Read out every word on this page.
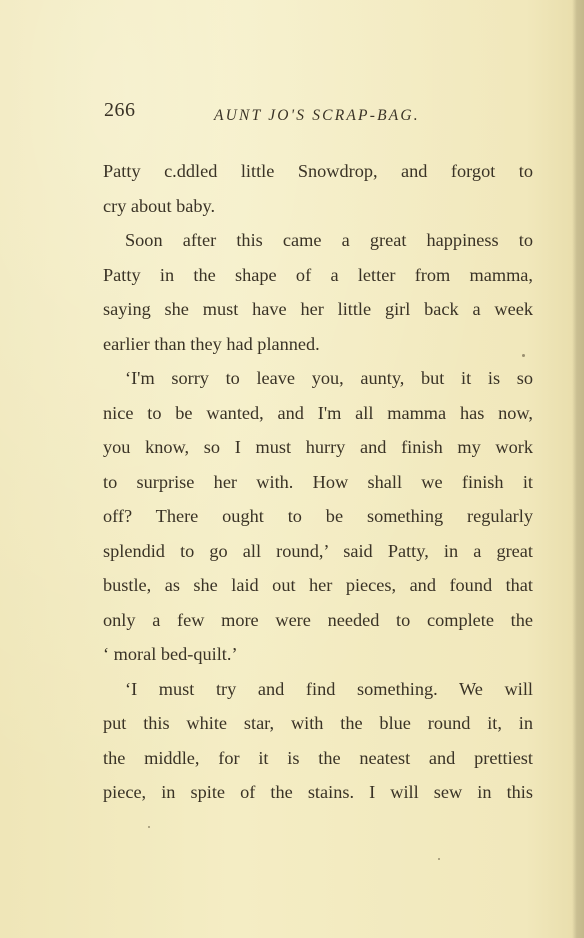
266	AUNT JO'S SCRAP-BAG.

Patty c.ddled little Snowdrop, and forgot to
cry about baby.

Soon after this came a great happiness to
Patty in the shape of a letter from mamma,
saying she must have her little girl back a week
earlier than they had planned.

‘I'm sorry to leave you, aunty, but it is so
nice to be wanted, and I'm all mamma has now,
you know, so I must hurry and finish my work
to surprise her with. How shall we finish it
off? There ought to be something regularly
splendid to go all round,’ said Patty, in a great
bustle, as she laid out her pieces, and found that
only a few more were needed to complete the
‘ moral bed-quilt.’

‘I must try and find something. We will
put this white star, with the blue round it, in
the middle, for it is the neatest and prettiest
piece, in spite of the stains. I will sew in this
